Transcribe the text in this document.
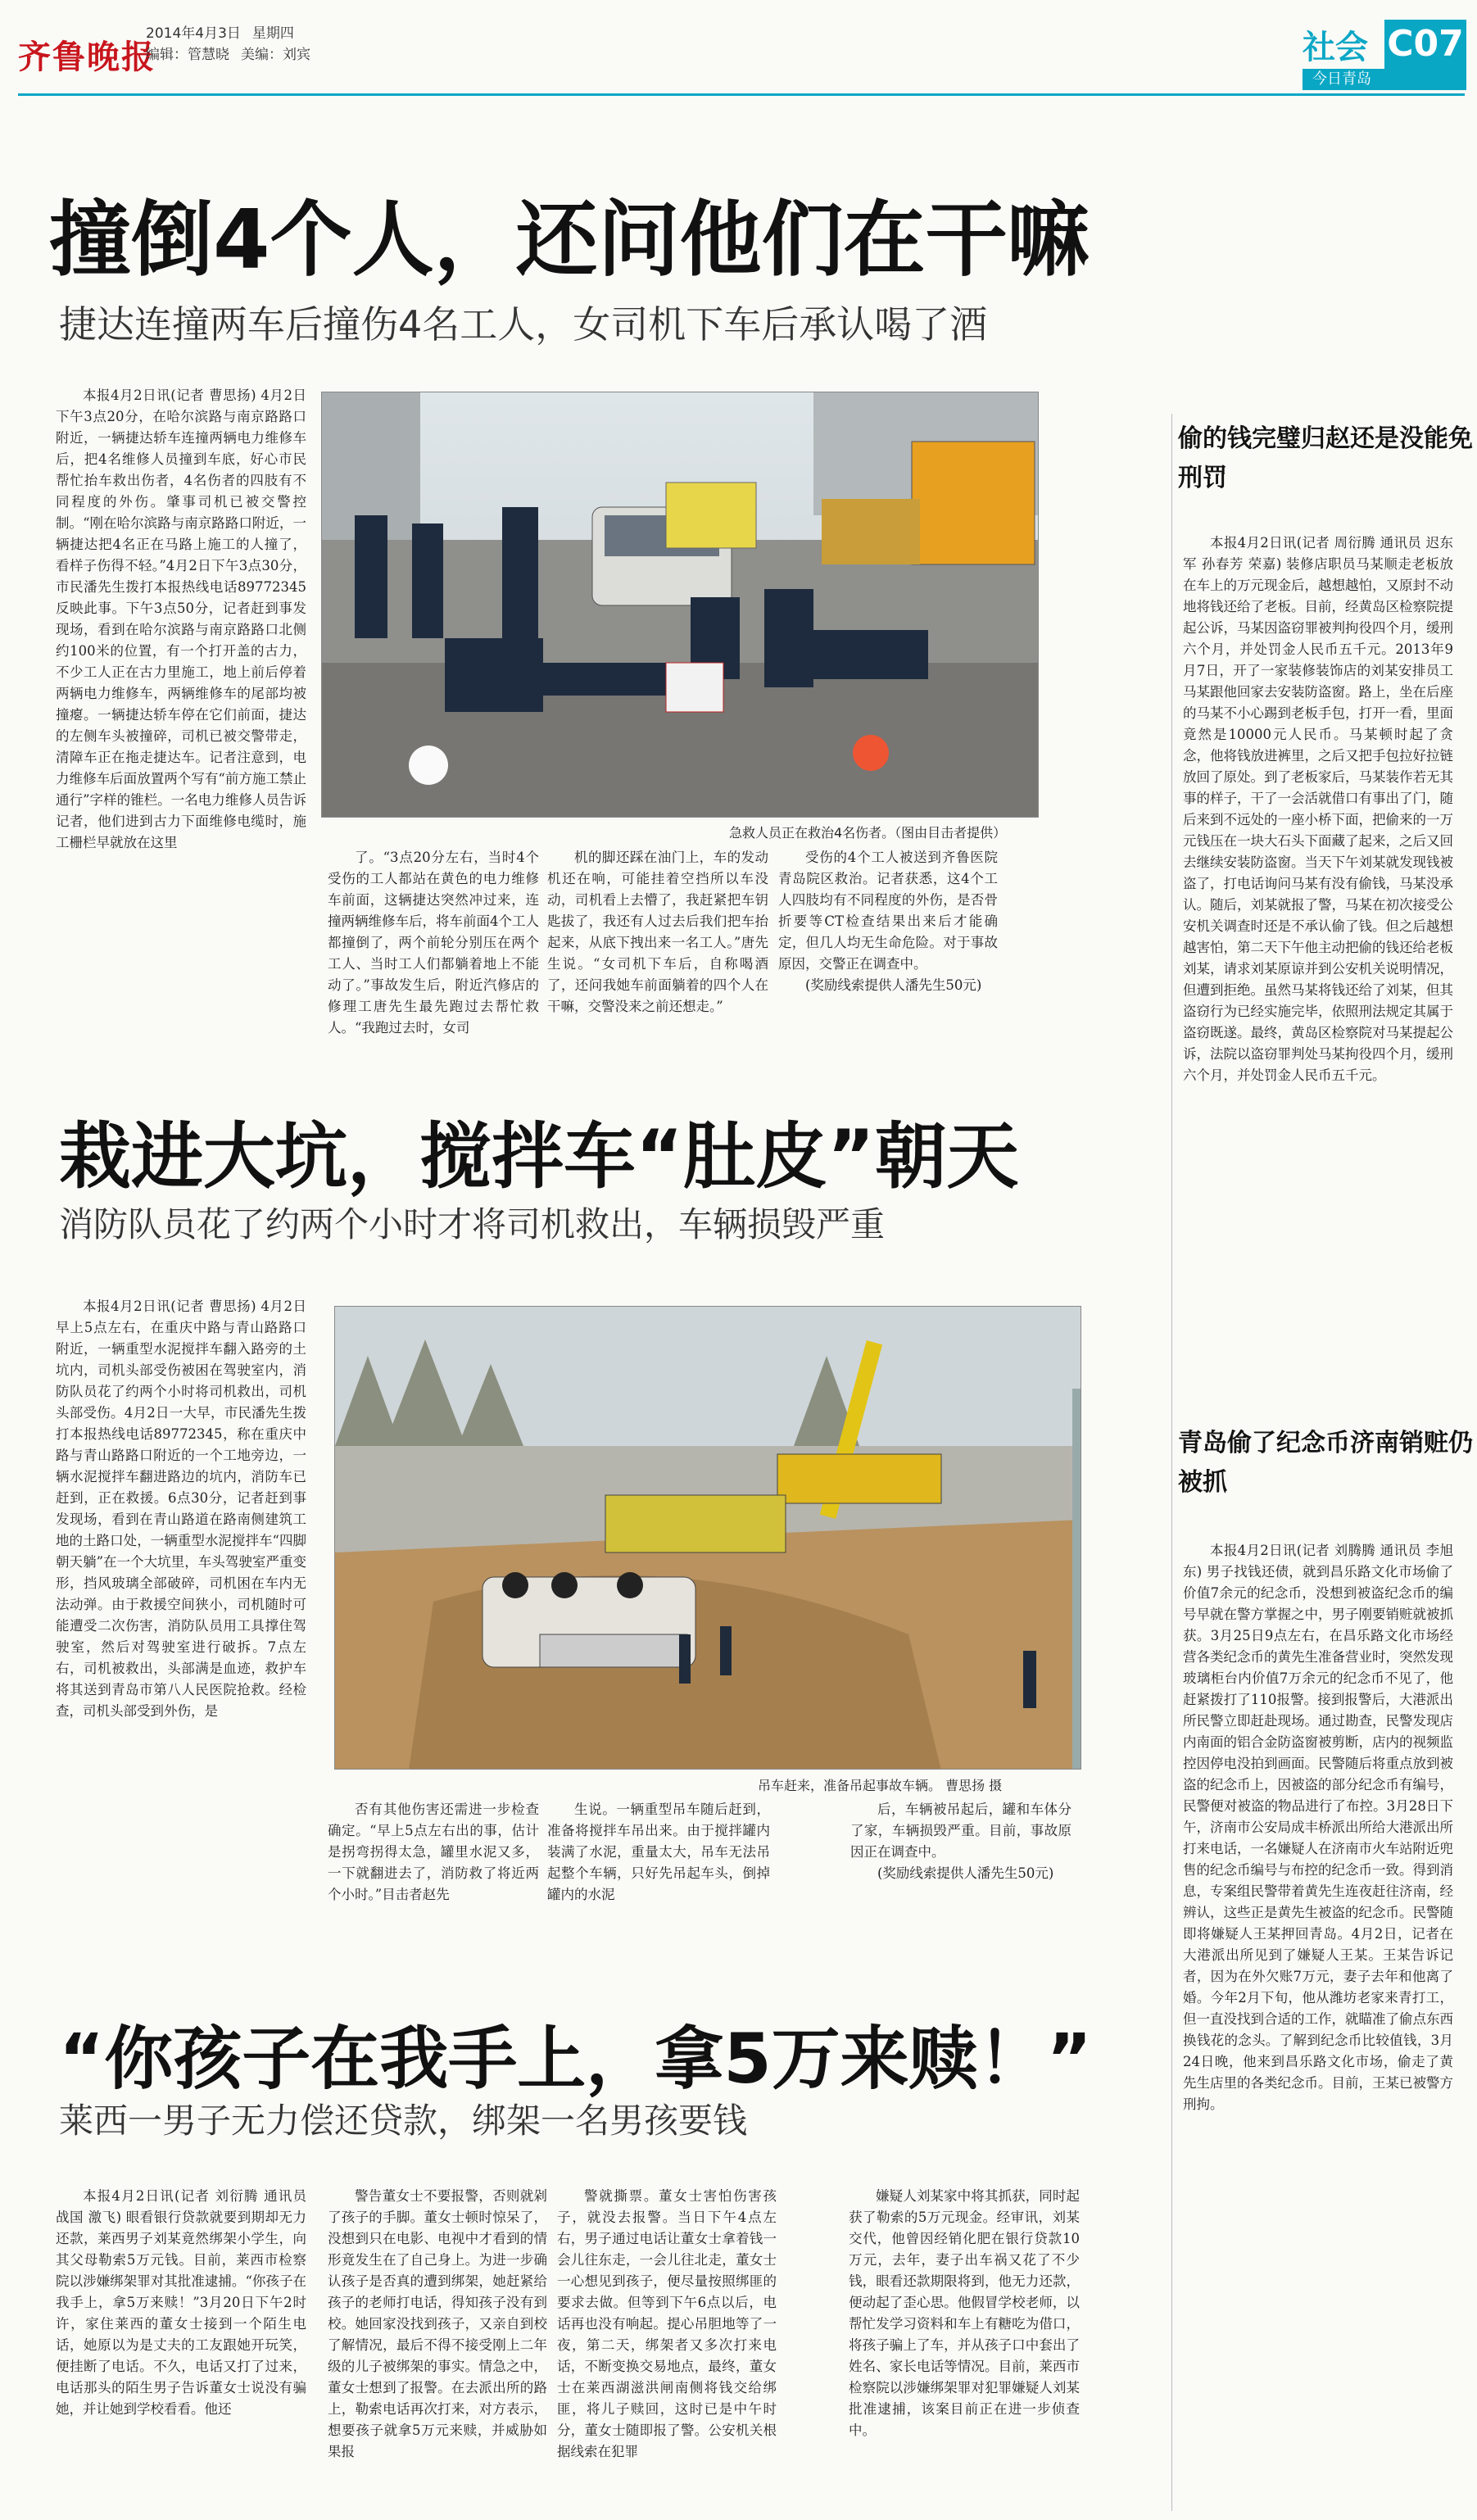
齐鲁晚报
2014年4月3日 星期四
编辑：管慧晓 美编：刘宾	社会 C07
今日青岛
撞倒4个人，还问他们在干嘛
捷达连撞两车后撞伤4名工人，女司机下车后承认喝了酒

本报4月2日讯(记者 曹思扬) 4月2日下午3点20分，在哈尔滨路与南京路路口附近，一辆捷达轿车连撞两辆电力维修车后，把4名维修人员撞到车底，好心市民帮忙抬车救出伤者，4名伤者的四肢有不同程度的外伤。肇事司机已被交警控制。“刚在哈尔滨路与南京路路口附近，一辆捷达把4名正在马路上施工的人撞了，看样子伤得不轻。”4月2日下午3点30分，市民潘先生拨打本报热线电话89772345反映此事。下午3点50分，记者赶到事发现场，看到在哈尔滨路与南京路路口北侧约100米的位置，有一个打开盖的古力，不少工人正在古力里施工，地上前后停着两辆电力维修车，两辆维修车的尾部均被撞瘪。一辆捷达轿车停在它们前面，捷达的左侧车头被撞碎，司机已被交警带走，清障车正在拖走捷达车。记者注意到，电力维修车后面放置两个写有“前方施工禁止通行”字样的锥栏。一名电力维修人员告诉记者，他们进到古力下面维修电缆时，施工栅栏早就放在这里

急救人员正在救治4名伤者。（图由目击者提供）

了。“3点20分左右，当时4个受伤的工人都站在黄色的电力维修车前面，这辆捷达突然冲过来，连撞两辆维修车后，将车前面4个工人都撞倒了，两个前轮分别压在两个工人、当时工人们都躺着地上不能动了。”事故发生后，附近汽修店的修理工唐先生最先跑过去帮忙救人。“我跑过去时，女司

机的脚还踩在油门上，车的发动机还在响，可能挂着空挡所以车没动，司机看上去懵了，我赶紧把车钥匙拔了，我还有人过去后我们把车抬起来，从底下拽出来一名工人。”唐先生说。“女司机下车后，自称喝酒了，还问我她车前面躺着的四个人在干嘛，交警没来之前还想走。”

受伤的4个工人被送到齐鲁医院青岛院区救治。记者获悉，这4个工人四肢均有不同程度的外伤，是否骨折要等CT检查结果出来后才能确定，但几人均无生命危险。对于事故原因，交警正在调查中。

(奖励线索提供人潘先生50元)

栽进大坑，搅拌车“肚皮”朝天
消防队员花了约两个小时才将司机救出，车辆损毁严重

本报4月2日讯(记者 曹思扬) 4月2日早上5点左右，在重庆中路与青山路路口附近，一辆重型水泥搅拌车翻入路旁的土坑内，司机头部受伤被困在驾驶室内，消防队员花了约两个小时将司机救出，司机头部受伤。4月2日一大早，市民潘先生拨打本报热线电话89772345，称在重庆中路与青山路路口附近的一个工地旁边，一辆水泥搅拌车翻进路边的坑内，消防车已赶到，正在救援。6点30分，记者赶到事发现场，看到在青山路道在路南侧建筑工地的土路口处，一辆重型水泥搅拌车“四脚朝天躺”在一个大坑里，车头驾驶室严重变形，挡风玻璃全部破碎，司机困在车内无法动弹。由于救援空间狭小，司机随时可能遭受二次伤害，消防队员用工具撑住驾驶室，然后对驾驶室进行破拆。7点左右，司机被救出，头部满是血迹，救护车将其送到青岛市第八人民医院抢救。经检查，司机头部受到外伤，是

吊车赶来，准备吊起事故车辆。 曹思扬 摄

否有其他伤害还需进一步检查确定。“早上5点左右出的事，估计是拐弯拐得太急，罐里水泥又多，一下就翻进去了，消防救了将近两个小时。”目击者赵先

生说。一辆重型吊车随后赶到，准备将搅拌车吊出来。由于搅拌罐内装满了水泥，重量太大，吊车无法吊起整个车辆，只好先吊起车头，倒掉罐内的水泥

后，车辆被吊起后，罐和车体分了家，车辆损毁严重。目前，事故原因正在调查中。

(奖励线索提供人潘先生50元)

“你孩子在我手上，拿5万来赎！”
莱西一男子无力偿还贷款，绑架一名男孩要钱

本报4月2日讯(记者 刘衍腾 通讯员 战国 激飞) 眼看银行贷款就要到期却无力还款，莱西男子刘某竟然绑架小学生，向其父母勒索5万元钱。目前，莱西市检察院以涉嫌绑架罪对其批准逮捕。“你孩子在我手上，拿5万来赎！”3月20日下午2时许，家住莱西的董女士接到一个陌生电话，她原以为是丈夫的工友跟她开玩笑，便挂断了电话。不久，电话又打了过来，电话那头的陌生男子告诉董女士说没有骗她，并让她到学校看看。他还

警告董女士不要报警，否则就剁了孩子的手脚。董女士顿时惊呆了，没想到只在电影、电视中才看到的情形竟发生在了自己身上。为进一步确认孩子是否真的遭到绑架，她赶紧给孩子的老师打电话，得知孩子没有到校。她回家没找到孩子，又亲自到校了解情况，最后不得不接受刚上二年级的儿子被绑架的事实。情急之中，董女士想到了报警。在去派出所的路上，勒索电话再次打来，对方表示，想要孩子就拿5万元来赎，并威胁如果报

警就撕票。董女士害怕伤害孩子，就没去报警。当日下午4点左右，男子通过电话让董女士拿着钱一会儿往东走，一会儿往北走，董女士一心想见到孩子，便尽量按照绑匪的要求去做。但等到下午6点以后，电话再也没有响起。提心吊胆地等了一夜，第二天，绑架者又多次打来电话，不断变换交易地点，最终，董女士在莱西湖滋洪闸南侧将钱交给绑匪，将儿子赎回，这时已是中午时分，董女士随即报了警。公安机关根据线索在犯罪

嫌疑人刘某家中将其抓获，同时起获了勒索的5万元现金。经审讯，刘某交代，他曾因经销化肥在银行贷款10万元，去年，妻子出车祸又花了不少钱，眼看还款期限将到，他无力还款，便动起了歪心思。他假冒学校老师，以帮忙发学习资料和车上有糖吃为借口，将孩子骗上了车，并从孩子口中套出了姓名、家长电话等情况。目前，莱西市检察院以涉嫌绑架罪对犯罪嫌疑人刘某批准逮捕，该案目前正在进一步侦查中。

偷的钱完璧归赵还是没能免刑罚

本报4月2日讯(记者 周衍腾 通讯员 迟东军 孙春芳 荣嘉) 装修店职员马某顺走老板放在车上的万元现金后，越想越怕，又原封不动地将钱还给了老板。目前，经黄岛区检察院提起公诉，马某因盗窃罪被判拘役四个月，缓刑六个月，并处罚金人民币五千元。2013年9月7日，开了一家装修装饰店的刘某安排员工马某跟他回家去安装防盗窗。路上，坐在后座的马某不小心踢到老板手包，打开一看，里面竟然是10000元人民币。马某顿时起了贪念，他将钱放进裤里，之后又把手包拉好拉链放回了原处。到了老板家后，马某装作若无其事的样子，干了一会活就借口有事出了门，随后来到不远处的一座小桥下面，把偷来的一万元钱压在一块大石头下面藏了起来，之后又回去继续安装防盗窗。当天下午刘某就发现钱被盗了，打电话询问马某有没有偷钱，马某没承认。随后，刘某就报了警，马某在初次接受公安机关调查时还是不承认偷了钱。但之后越想越害怕，第二天下午他主动把偷的钱还给老板刘某，请求刘某原谅并到公安机关说明情况，但遭到拒绝。虽然马某将钱还给了刘某，但其盗窃行为已经实施完毕，依照刑法规定其属于盗窃既遂。最终，黄岛区检察院对马某提起公诉，法院以盗窃罪判处马某拘役四个月，缓刑六个月，并处罚金人民币五千元。

青岛偷了纪念币济南销赃仍被抓

本报4月2日讯(记者 刘腾腾 通讯员 李旭东) 男子找钱还债，就到昌乐路文化市场偷了价值7余元的纪念币，没想到被盗纪念币的编号早就在警方掌握之中，男子刚要销赃就被抓获。3月25日9点左右，在昌乐路文化市场经营各类纪念币的黄先生准备营业时，突然发现玻璃柜台内价值7万余元的纪念币不见了，他赶紧拨打了110报警。接到报警后，大港派出所民警立即赶赴现场。通过勘查，民警发现店内南面的铝合金防盗窗被剪断，店内的视频监控因停电没拍到画面。民警随后将重点放到被盗的纪念币上，因被盗的部分纪念币有编号，民警便对被盗的物品进行了布控。3月28日下午，济南市公安局成丰桥派出所给大港派出所打来电话，一名嫌疑人在济南市火车站附近兜售的纪念币编号与布控的纪念币一致。得到消息，专案组民警带着黄先生连夜赶往济南，经辨认，这些正是黄先生被盗的纪念币。民警随即将嫌疑人王某押回青岛。4月2日，记者在大港派出所见到了嫌疑人王某。王某告诉记者，因为在外欠账7万元，妻子去年和他离了婚。今年2月下旬，他从潍坊老家来青打工，但一直没找到合适的工作，就瞄准了偷点东西换钱花的念头。了解到纪念币比较值钱，3月24日晚，他来到昌乐路文化市场，偷走了黄先生店里的各类纪念币。目前，王某已被警方刑拘。
